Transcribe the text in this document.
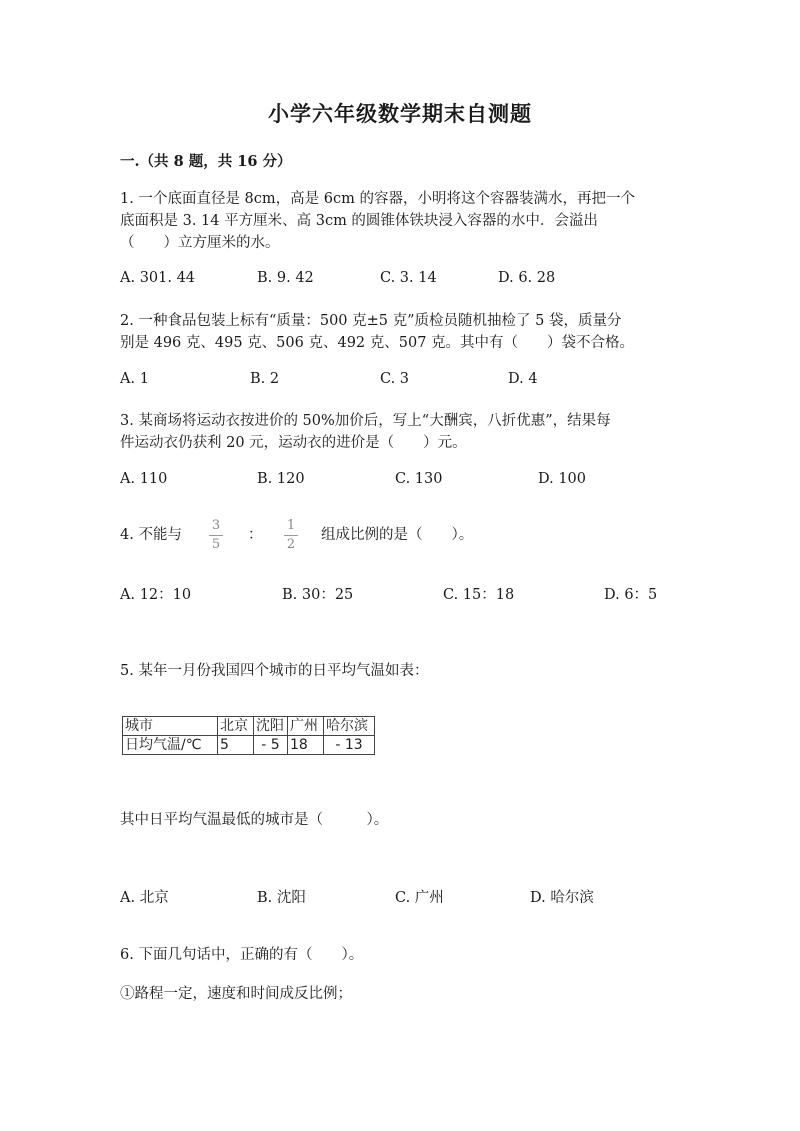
小学六年级数学期末自测题
一.（共 8 题，共 16 分）
1. 一个底面直径是 8cm，高是 6cm 的容器，小明将这个容器装满水，再把一个
底面积是 3. 14 平方厘米、高 3cm 的圆锥体铁块浸入容器的水中．会溢出
（　　）立方厘米的水。
A. 301. 44	B. 9. 42	C. 3. 14	D. 6. 28
2. 一种食品包装上标有“质量：500 克±5 克”质检员随机抽检了 5 袋，质量分
别是 496 克、495 克、506 克、492 克、507 克。其中有（　　）袋不合格。
A. 1	B. 2	C. 3	D. 4
3. 某商场将运动衣按进价的 50%加价后，写上“大酬宾，八折优惠”，结果每
件运动衣仍获利 20 元，运动衣的进价是（　　）元。
A. 110	B. 120	C. 130	D. 100
4. 不能与
3
5
：
1
2
组成比例的是（　　）。
A. 12：10	B. 30：25	C. 15：18	D. 6：5
5. 某年一月份我国四个城市的日平均气温如表：
城市	北京	沈阳	广州	哈尔滨
日均气温/℃	5	- 5	18	- 13
其中日平均气温最低的城市是（　　　）。
A. 北京	B. 沈阳	C. 广州	D. 哈尔滨
6. 下面几句话中，正确的有（　　）。
①路程一定，速度和时间成反比例；
